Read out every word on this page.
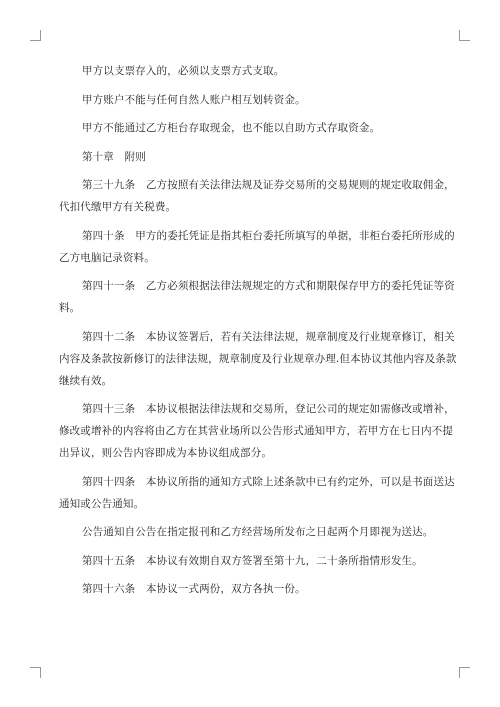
甲方以支票存入的，必须以支票方式支取。

甲方账户不能与任何自然人账户相互划转资金。

甲方不能通过乙方柜台存取现金，也不能以自助方式存取资金。

第十章　附则

第三十九条　乙方按照有关法律法规及证券交易所的交易规则的规定收取佣金，
代扣代缴甲方有关税费。

第四十条　甲方的委托凭证是指其柜台委托所填写的单据，非柜台委托所形成的
乙方电脑记录资料。

第四十一条　乙方必须根据法律法规规定的方式和期限保存甲方的委托凭证等资
料。

第四十二条　本协议签署后，若有关法律法规，规章制度及行业规章修订，相关
内容及条款按新修订的法律法规，规章制度及行业规章办理.但本协议其他内容及条款
继续有效。

第四十三条　本协议根据法律法规和交易所，登记公司的规定如需修改或增补，
修改或增补的内容将由乙方在其营业场所以公告形式通知甲方，若甲方在七日内不提
出异议，则公告内容即成为本协议组成部分。

第四十四条　本协议所指的通知方式除上述条款中已有约定外，可以是书面送达
通知或公告通知。

公告通知自公告在指定报刊和乙方经营场所发布之日起两个月即视为送达。

第四十五条　本协议有效期自双方签署至第十九，二十条所指情形发生。

第四十六条　本协议一式两份，双方各执一份。
